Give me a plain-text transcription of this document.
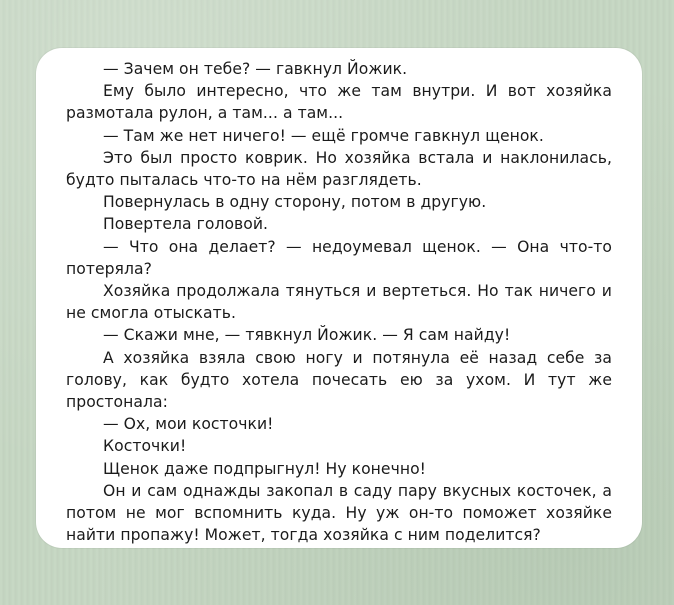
— Зачем он тебе? — гавкнул Йожик.

Ему было интересно, что же там внутри. И вот хозяйка размотала рулон, а там... а там...

— Там же нет ничего! — ещё громче гавкнул щенок.

Это был просто коврик. Но хозяйка встала и наклонилась, будто пыталась что-то на нём разглядеть.

Повернулась в одну сторону, потом в другую.

Повертела головой.

— Что она делает? — недоумевал щенок. — Она что-то потеряла?

Хозяйка продолжала тянуться и вертеться. Но так ничего и не смогла отыскать.

— Скажи мне, — тявкнул Йожик. — Я сам найду!

А хозяйка взяла свою ногу и потянула её назад себе за голову, как будто хотела почесать ею за ухом. И тут же простонала:

— Ох, мои косточки!

Косточки!

Щенок даже подпрыгнул! Ну конечно!

Он и сам однажды закопал в саду пару вкусных косточек, а потом не мог вспомнить куда. Ну уж он-то поможет хозяйке найти пропажу! Может, тогда хозяйка с ним поделится?
